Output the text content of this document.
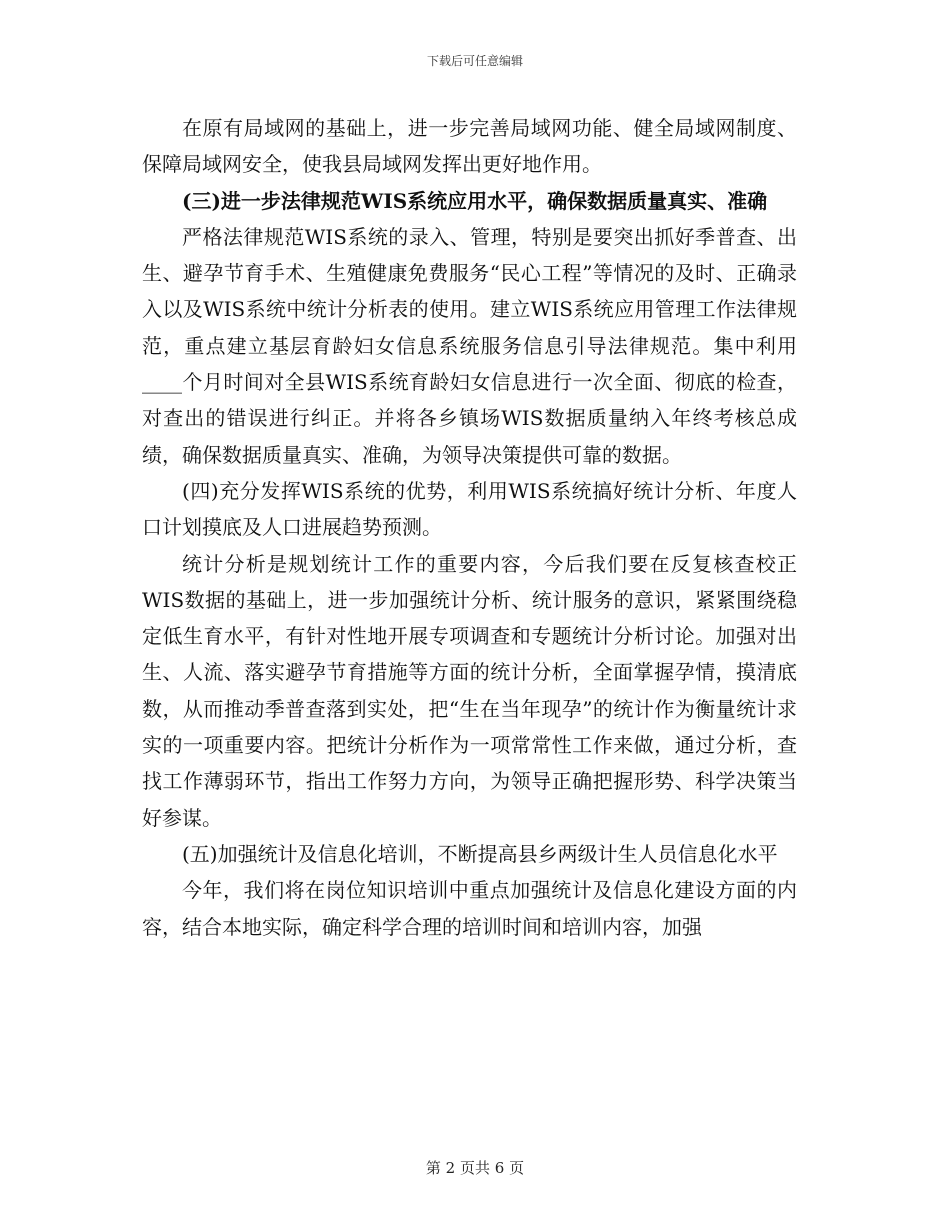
下载后可任意编辑

在原有局域网的基础上，进一步完善局域网功能、健全局域网制度、保障局域网安全，使我县局域网发挥出更好地作用。

(三)进一步法律规范WIS系统应用水平，确保数据质量真实、准确

严格法律规范WIS系统的录入、管理，特别是要突出抓好季普查、出生、避孕节育手术、生殖健康免费服务“民心工程”等情况的及时、正确录入以及WIS系统中统计分析表的使用。建立WIS系统应用管理工作法律规范，重点建立基层育龄妇女信息系统服务信息引导法律规范。集中利用____个月时间对全县WIS系统育龄妇女信息进行一次全面、彻底的检查，对查出的错误进行纠正。并将各乡镇场WIS数据质量纳入年终考核总成绩，确保数据质量真实、准确，为领导决策提供可靠的数据。

(四)充分发挥WIS系统的优势，利用WIS系统搞好统计分析、年度人口计划摸底及人口进展趋势预测。

统计分析是规划统计工作的重要内容，今后我们要在反复核查校正WIS数据的基础上，进一步加强统计分析、统计服务的意识，紧紧围绕稳定低生育水平，有针对性地开展专项调查和专题统计分析讨论。加强对出生、人流、落实避孕节育措施等方面的统计分析，全面掌握孕情，摸清底数，从而推动季普查落到实处，把“生在当年现孕”的统计作为衡量统计求实的一项重要内容。把统计分析作为一项常常性工作来做，通过分析，查找工作薄弱环节，指出工作努力方向，为领导正确把握形势、科学决策当好参谋。

(五)加强统计及信息化培训，不断提高县乡两级计生人员信息化水平

今年，我们将在岗位知识培训中重点加强统计及信息化建设方面的内容，结合本地实际，确定科学合理的培训时间和培训内容，加强

第 2 页共 6 页
